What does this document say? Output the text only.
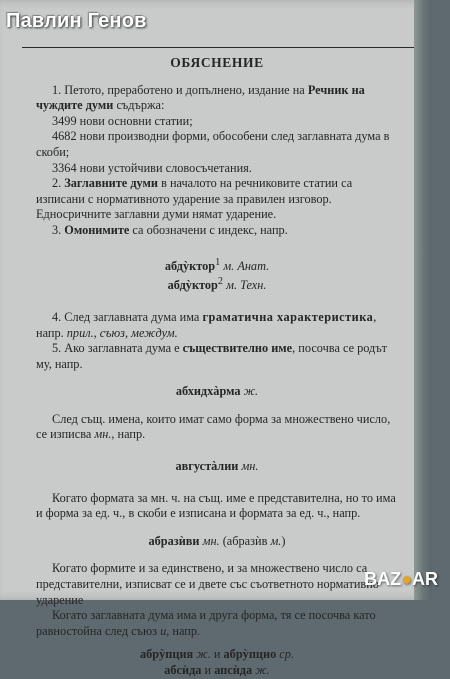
Павлин Генов
ОБЯСНЕНИЕ

1. Петото, преработено и допълнено, издание на Речник на чуждите думи съдържа:

3499 нови основни статии;

4682 нови производни форми, обособени след заглавната дума в скоби;

3364 нови устойчиви словосъчетания.

2. Заглавните думи в началото на речниковите статии са изписани с нормативното ударение за правилен изговор. Едносричните заглавни думи нямат ударение.

3. Омонимите са обозначени с индекс, напр.

абдỳктор$^1$ м. Анат.

абдỳктор$^2$ м. Техн.

4. След заглавната дума има граматична характеристика, напр. прил., съюз, междум.

5. Ако заглавната дума е съществително име, посочва се родът му, напр.

абхидхàрма ж.

След същ. имена, които имат само форма за множествено число, се изписва мн., напр.

августàлии мн.

Когато формата за мн. ч. на същ. име е представителна, но то има и форма за ед. ч., в скоби е изписана и формата за ед. ч., напр.

абразѝви мн. (абразѝв м.)

Когато формите и за единствено, и за множествено число са представителни, изписват се и двете със съответното нормативно ударение

Когато заглавната дума има и друга форма, тя се посочва като равностойна след съюз и, напр.

абрỳпция ж. и абрỳпцио ср.

абсѝда и апсѝда ж.

BAZ●AR
